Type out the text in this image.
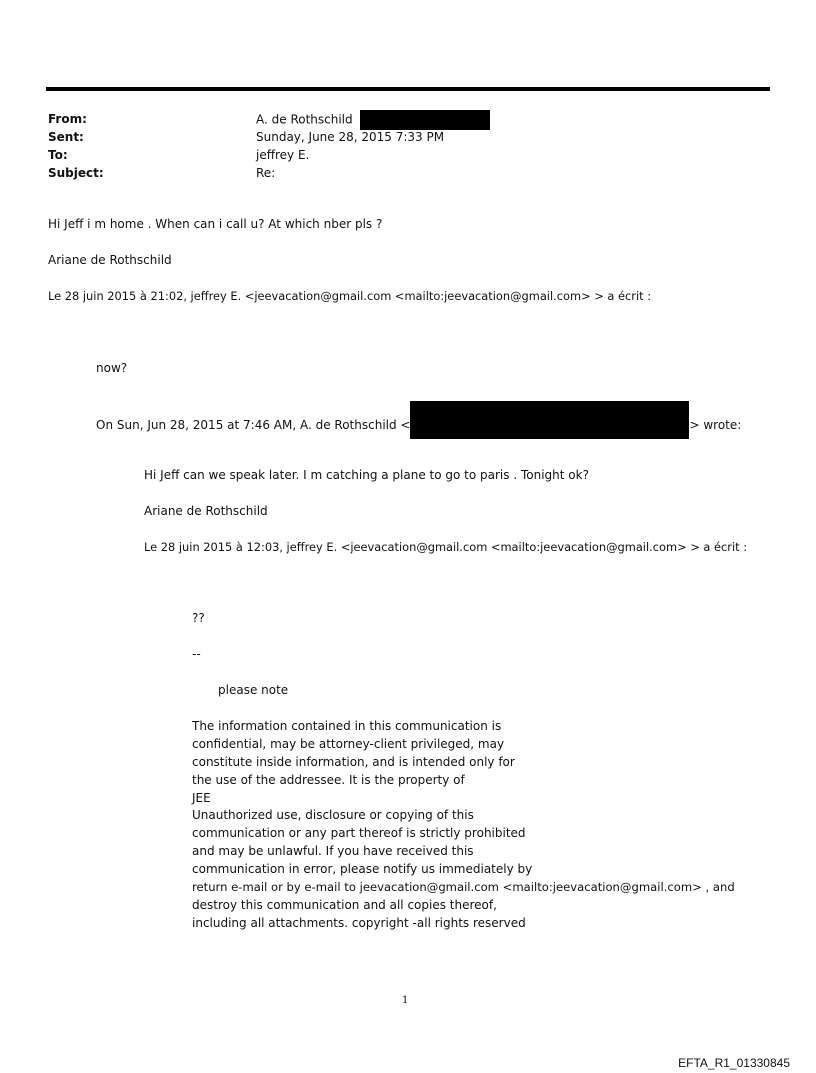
From:	A. de Rothschild
Sent:	Sunday, June 28, 2015 7:33 PM
To:	jeffrey E.
Subject:	Re:
Hi Jeff i m home . When can i call u? At which nber pls ?
Ariane de Rothschild
Le 28 juin 2015 à 21:02, jeffrey E. <jeevacation@gmail.com <mailto:jeevacation@gmail.com> > a écrit :
now?
On Sun, Jun 28, 2015 at 7:46 AM, A. de Rothschild <	> wrote:
Hi Jeff can we speak later. I m catching a plane to go to paris . Tonight ok?
Ariane de Rothschild
Le 28 juin 2015 à 12:03, jeffrey E. <jeevacation@gmail.com <mailto:jeevacation@gmail.com> > a écrit :
??
--
please note
The information contained in this communication is
confidential, may be attorney-client privileged, may
constitute inside information, and is intended only for
the use of the addressee. It is the property of
JEE
Unauthorized use, disclosure or copying of this
communication or any part thereof is strictly prohibited
and may be unlawful. If you have received this
communication in error, please notify us immediately by
return e-mail or by e-mail to jeevacation@gmail.com <mailto:jeevacation@gmail.com> , and
destroy this communication and all copies thereof,
including all attachments. copyright -all rights reserved
1
EFTA_R1_01330845
